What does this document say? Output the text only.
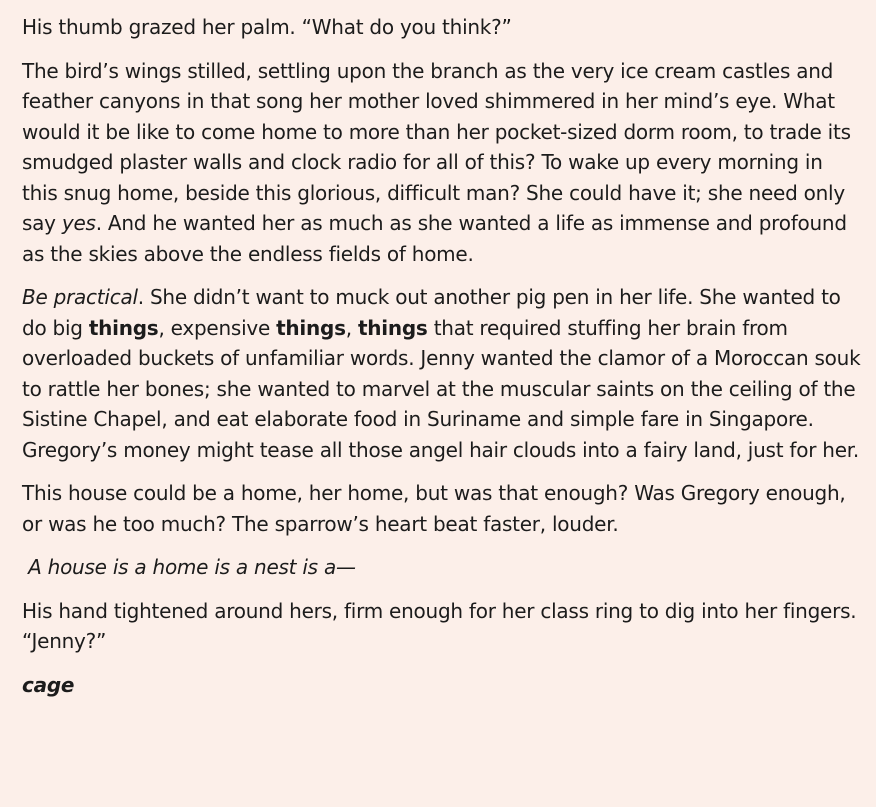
His thumb grazed her palm. “What do you think?”

The bird’s wings stilled, settling upon the branch as the very ice cream castles and feather canyons in that song her mother loved shimmered in her mind’s eye. What would it be like to come home to more than her pocket-sized dorm room, to trade its smudged plaster walls and clock radio for all of this? To wake up every morning in this snug home, beside this glorious, difficult man? She could have it; she need only say yes. And he wanted her as much as she wanted a life as immense and profound as the skies above the endless fields of home.

Be practical. She didn’t want to muck out another pig pen in her life. She wanted to do big things, expensive things, things that required stuffing her brain from overloaded buckets of unfamiliar words. Jenny wanted the clamor of a Moroccan souk to rattle her bones; she wanted to marvel at the muscular saints on the ceiling of the Sistine Chapel, and eat elaborate food in Suriname and simple fare in Singapore. Gregory’s money might tease all those angel hair clouds into a fairy land, just for her.

This house could be a home, her home, but was that enough? Was Gregory enough, or was he too much? The sparrow’s heart beat faster, louder.

A house is a home is a nest is a—

His hand tightened around hers, firm enough for her class ring to dig into her fingers. “Jenny?”

cage
